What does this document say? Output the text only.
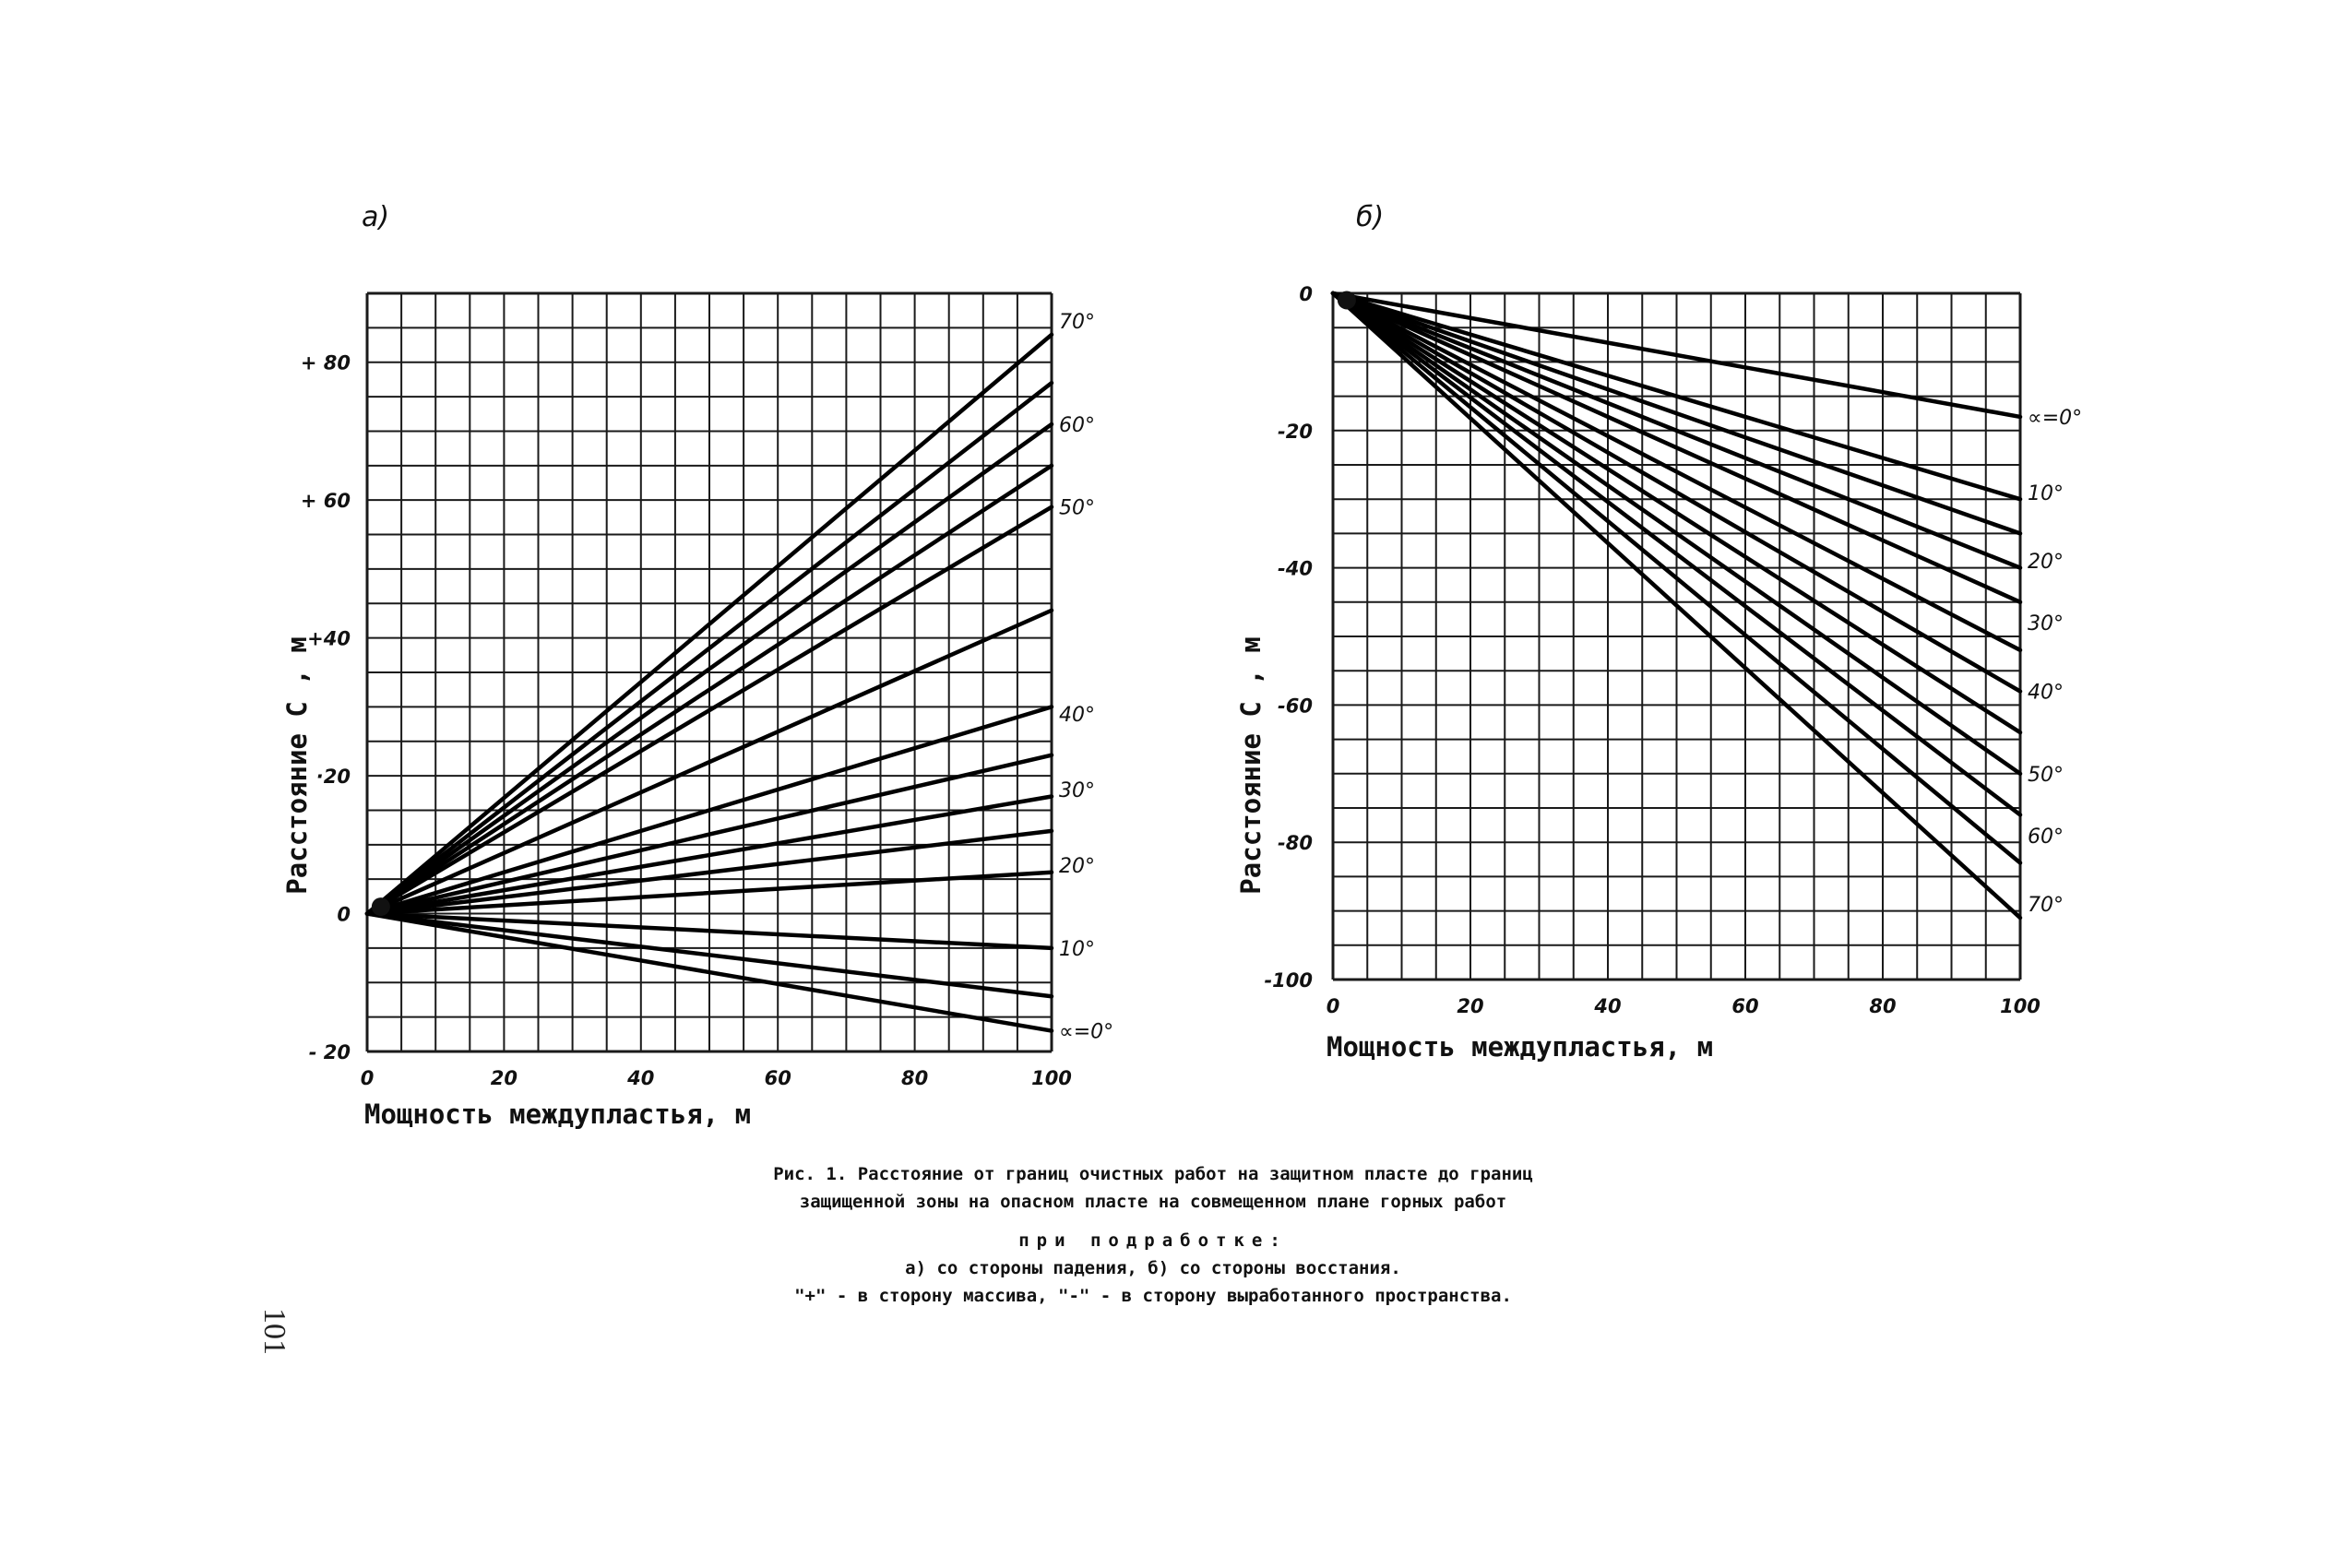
+ 80
+ 60
+40
·20
0
- 20
0	20	40	60	80	100
70°
60°
50°
40°
30°
20°
10°
∝=0°
а)
Мощность междупластья, м
Расстояние С , м
0
-20
-40
-60
-80
-100
0	20	40	60	80	100
∝=0°
10°
20°
30°
40°
50°
60°
70°
б)
Мощность междупластья, м
Расстояние С , м
Рис. 1. Расстояние от границ очистных работ на защитном пласте до границ
защищенной зоны на опасном пласте на совмещенном плане горных работ
при подработке:
а) со стороны падения, б) со стороны восстания.
"+" - в сторону массива, "-" - в сторону выработанного пространства.
101
